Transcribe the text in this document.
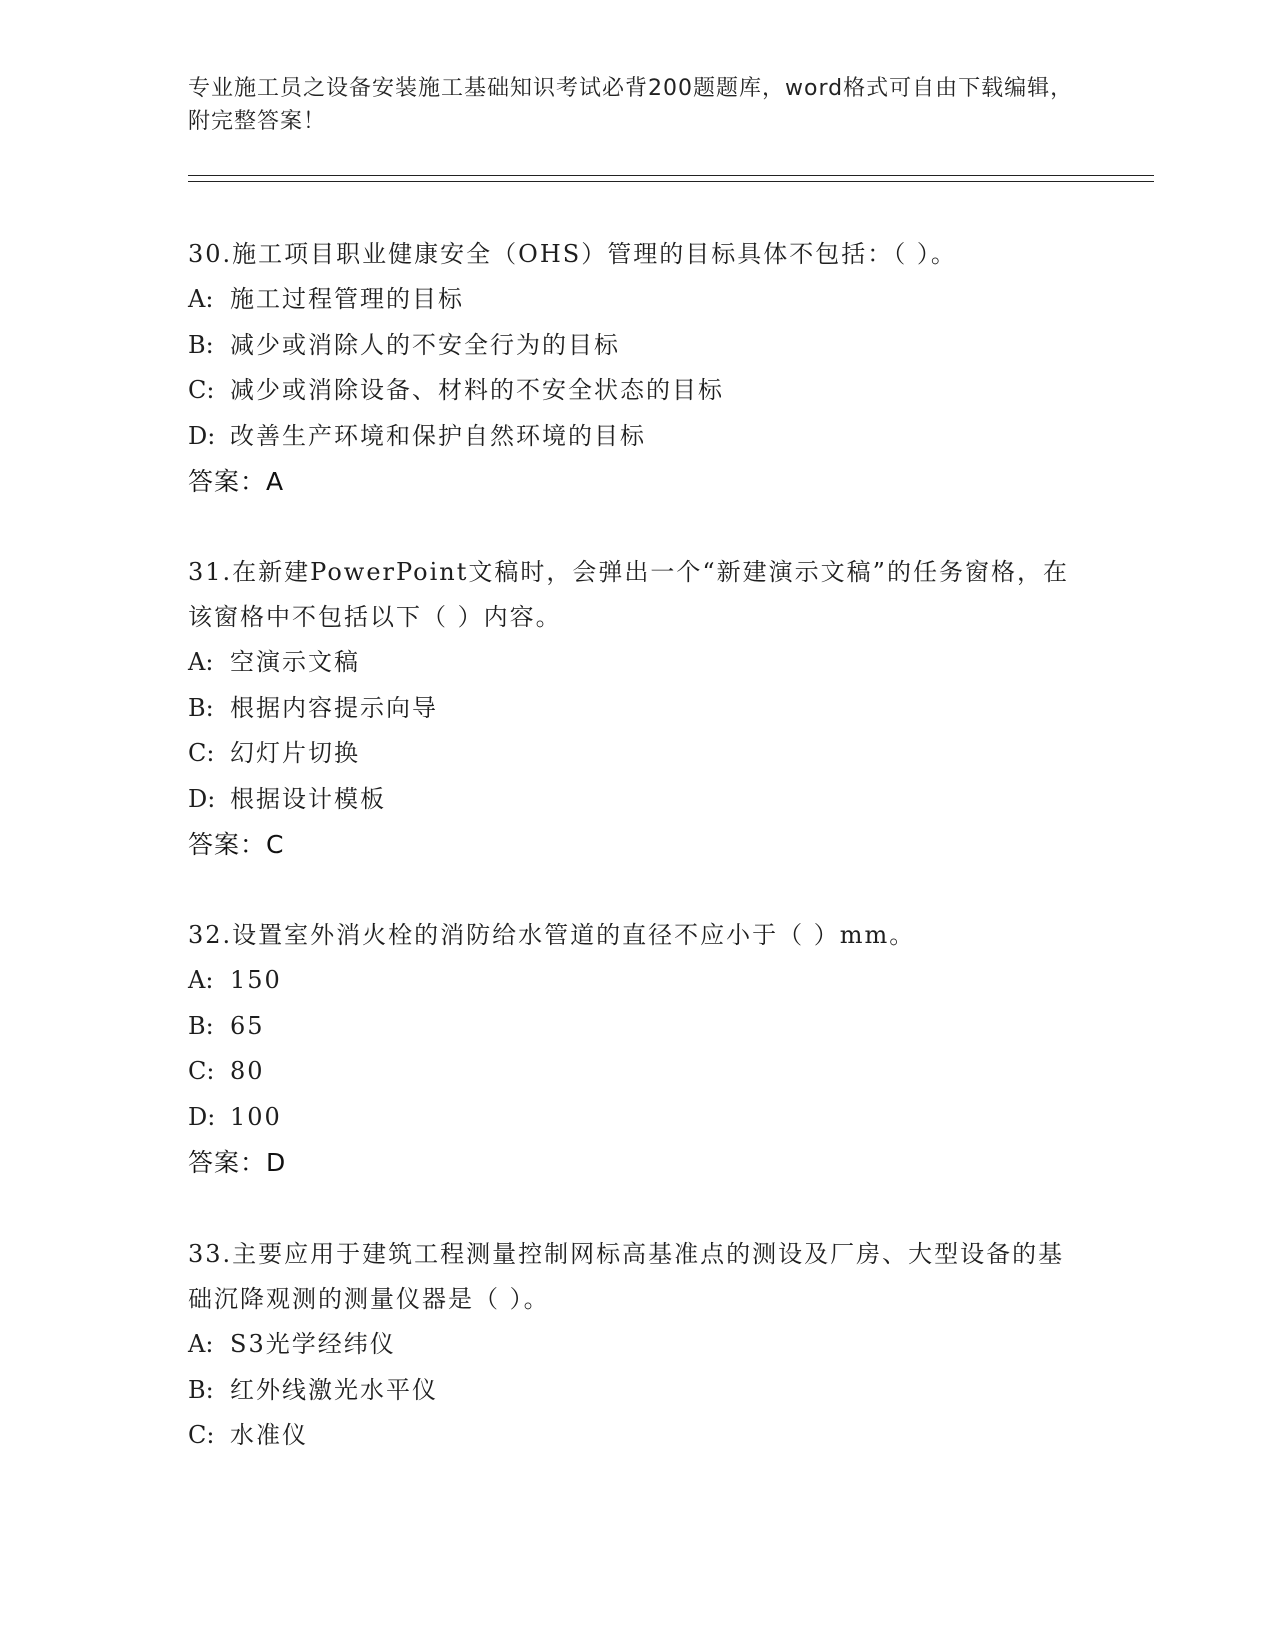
专业施工员之设备安装施工基础知识考试必背200题题库，word格式可自由下载编辑，附完整答案！

30.施工项目职业健康安全（OHS）管理的目标具体不包括：（ ）。

A: 施工过程管理的目标

B: 减少或消除人的不安全行为的目标

C: 减少或消除设备、材料的不安全状态的目标

D: 改善生产环境和保护自然环境的目标

答案：A

31.在新建PowerPoint文稿时，会弹出一个“新建演示文稿”的任务窗格，在该窗格中不包括以下（ ）内容。

A: 空演示文稿

B: 根据内容提示向导

C: 幻灯片切换

D: 根据设计模板

答案：C

32.设置室外消火栓的消防给水管道的直径不应小于（ ）mm。

A: 150

B: 65

C: 80

D: 100

答案：D

33.主要应用于建筑工程测量控制网标高基准点的测设及厂房、大型设备的基础沉降观测的测量仪器是（ ）。

A: S3光学经纬仪

B: 红外线激光水平仪

C: 水准仪
